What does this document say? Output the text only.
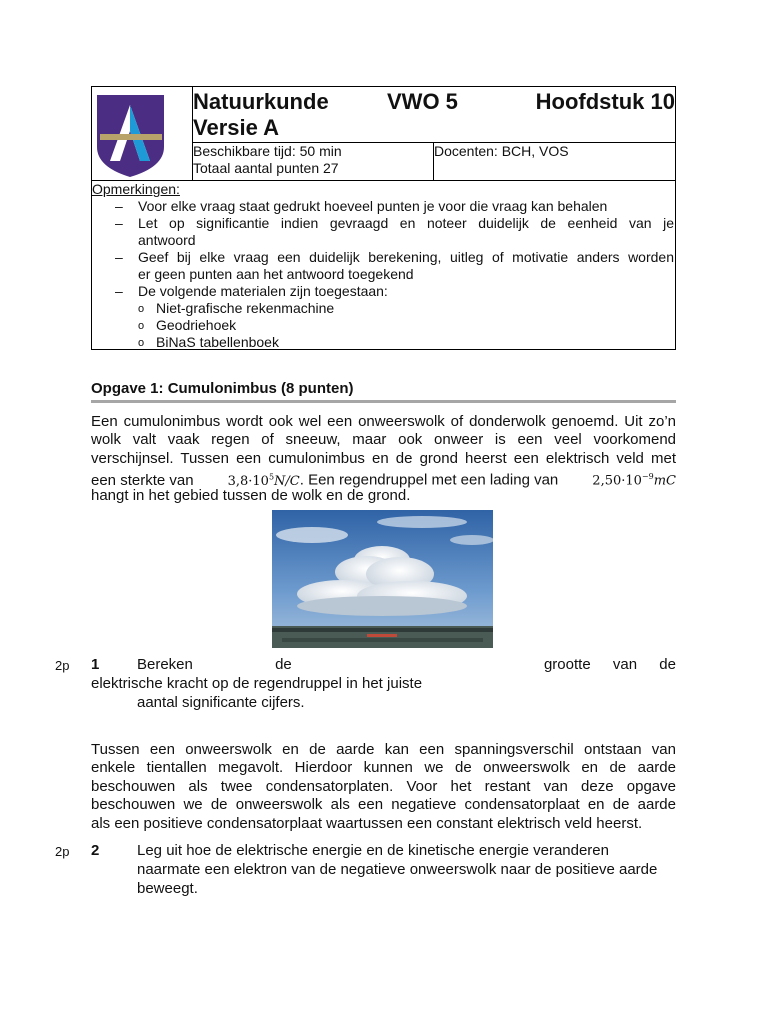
A	Natuurkunde	VWO 5	Hoofdstuk 10
Versie A
Beschikbare tijd: 50 min
Totaal aantal punten 27
Docenten: BCH, VOS
Opmerkingen:
– Voor elke vraag staat gedrukt hoeveel punten je voor die vraag kan behalen
– Let op significantie indien gevraagd en noteer duidelijk de eenheid van je
antwoord
– Geef bij elke vraag een duidelijk berekening, uitleg of motivatie anders worden
er geen punten aan het antwoord toegekend
– De volgende materialen zijn toegestaan:
o Niet-grafische rekenmachine
o Geodriehoek
o BiNaS tabellenboek
Opgave 1: Cumulonimbus (8 punten)
Een cumulonimbus wordt ook wel een onweerswolk of donderwolk genoemd. Uit zo’n
wolk valt vaak regen of sneeuw, maar ook onweer is een veel voorkomend
verschijnsel. Tussen een cumulonimbus en de grond heerst een elektrisch veld met
een sterkte van	$3,8\cdot 10^5N/C$. Een regendruppel met een lading van	$2,50\cdot 10^{-9}mC$
hangt in het gebied tussen de wolk en de grond.
2p 1	Bereken	de	grootte van de
elektrische kracht op de regendruppel in het juiste
aantal significante cijfers.
Tussen een onweerswolk en de aarde kan een spanningsverschil ontstaan van
enkele tientallen megavolt. Hierdoor kunnen we de onweerswolk en de aarde
beschouwen als twee condensatorplaten. Voor het restant van deze opgave
beschouwen we de onweerswolk als een negatieve condensatorplaat en de aarde
als een positieve condensatorplaat waartussen een constant elektrisch veld heerst.
2p 2	Leg uit hoe de elektrische energie en de kinetische energie veranderen
naarmate een elektron van de negatieve onweerswolk naar de positieve aarde
beweegt.
